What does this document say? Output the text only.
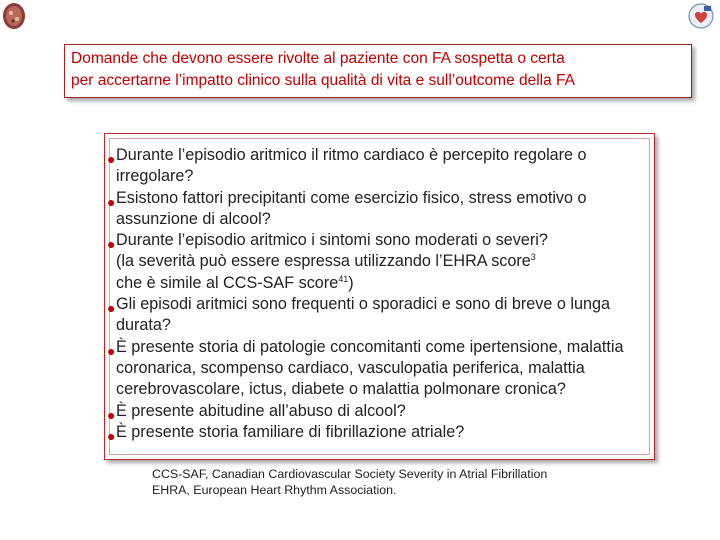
Domande che devono essere rivolte al paziente con FA sospetta o certa
per accertarne l’impatto clinico sulla qualità di vita e sull’outcome della FA
● Durante l’episodio aritmico il ritmo cardiaco è percepito regolare o
irregolare?
● Esistono fattori precipitanti come esercizio fisico, stress emotivo o
assunzione di alcool?
● Durante l’episodio aritmico i sintomi sono moderati o severi?
(la severità può essere espressa utilizzando l’EHRA score$^3$
che è simile al CCS-SAF score$^{41}$)
● Gli episodi aritmici sono frequenti o sporadici e sono di breve o lunga
durata?
● È presente storia di patologie concomitanti come ipertensione, malattia
coronarica, scompenso cardiaco, vasculopatia periferica, malattia
cerebrovascolare, ictus, diabete o malattia polmonare cronica?
● È presente abitudine all’abuso di alcool?
● È presente storia familiare di fibrillazione atriale?
CCS-SAF, Canadian Cardiovascular Society Severity in Atrial Fibrillation
EHRA, European Heart Rhythm Association.
